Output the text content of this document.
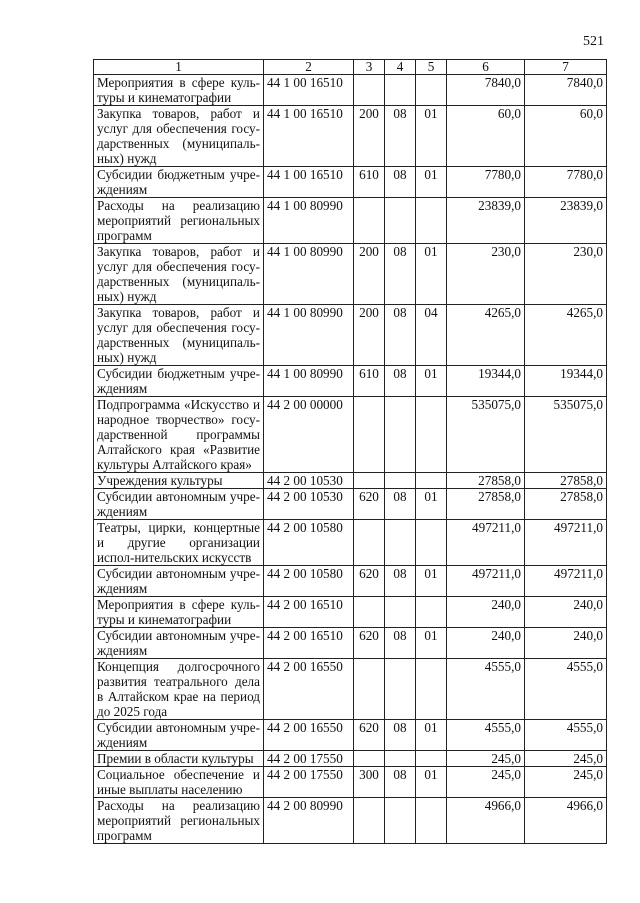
521
1	2	3	4	5	6	7
Мероприятия в сфере куль-туры и кинематографии	44 1 00 16510				7840,0	7840,0
Закупка товаров, работ и услуг для обеспечения госу-дарственных (муниципаль-ных) нужд	44 1 00 16510	200	08	01	60,0	60,0
Субсидии бюджетным учре-ждениям	44 1 00 16510	610	08	01	7780,0	7780,0
Расходы на реализацию мероприятий региональных программ	44 1 00 80990				23839,0	23839,0
Закупка товаров, работ и услуг для обеспечения госу-дарственных (муниципаль-ных) нужд	44 1 00 80990	200	08	01	230,0	230,0
Закупка товаров, работ и услуг для обеспечения госу-дарственных (муниципаль-ных) нужд	44 1 00 80990	200	08	04	4265,0	4265,0
Субсидии бюджетным учре-ждениям	44 1 00 80990	610	08	01	19344,0	19344,0
Подпрограмма «Искусство и народное творчество» госу-дарственной программы Алтайского края «Развитие культуры Алтайского края»	44 2 00 00000				535075,0	535075,0
Учреждения культуры	44 2 00 10530				27858,0	27858,0
Субсидии автономным учре-ждениям	44 2 00 10530	620	08	01	27858,0	27858,0
Театры, цирки, концертные и другие организации испол-нительских искусств	44 2 00 10580				497211,0	497211,0
Субсидии автономным учре-ждениям	44 2 00 10580	620	08	01	497211,0	497211,0
Мероприятия в сфере куль-туры и кинематографии	44 2 00 16510				240,0	240,0
Субсидии автономным учре-ждениям	44 2 00 16510	620	08	01	240,0	240,0
Концепция долгосрочного развития театрального дела в Алтайском крае на период до 2025 года	44 2 00 16550				4555,0	4555,0
Субсидии автономным учре-ждениям	44 2 00 16550	620	08	01	4555,0	4555,0
Премии в области культуры	44 2 00 17550				245,0	245,0
Социальное обеспечение и иные выплаты населению	44 2 00 17550	300	08	01	245,0	245,0
Расходы на реализацию мероприятий региональных программ	44 2 00 80990				4966,0	4966,0
